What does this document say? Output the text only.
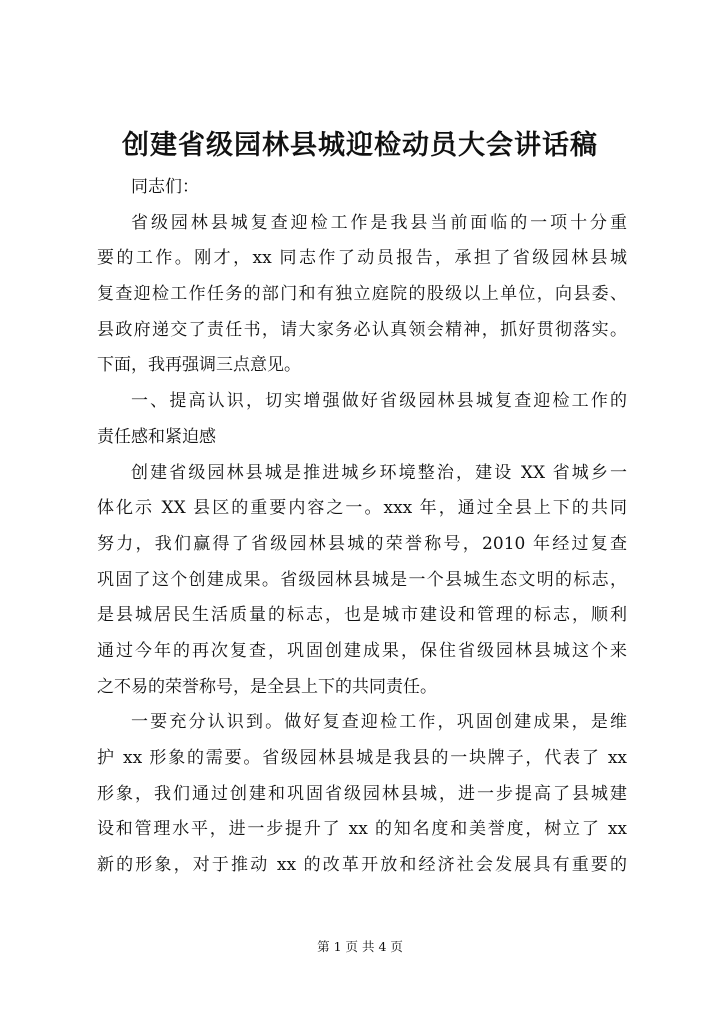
创建省级园林县城迎检动员大会讲话稿
同志们：
省级园林县城复查迎检工作是我县当前面临的一项十分重
要的工作。刚才，xx 同志作了动员报告，承担了省级园林县城
复查迎检工作任务的部门和有独立庭院的股级以上单位，向县委、
县政府递交了责任书，请大家务必认真领会精神，抓好贯彻落实。
下面，我再强调三点意见。
一、提高认识，切实增强做好省级园林县城复查迎检工作的
责任感和紧迫感
创建省级园林县城是推进城乡环境整治，建设 XX 省城乡一
体化示 XX 县区的重要内容之一。xxx 年，通过全县上下的共同
努力，我们赢得了省级园林县城的荣誉称号，2010 年经过复查
巩固了这个创建成果。省级园林县城是一个县城生态文明的标志，
是县城居民生活质量的标志，也是城市建设和管理的标志，顺利
通过今年的再次复查，巩固创建成果，保住省级园林县城这个来
之不易的荣誉称号，是全县上下的共同责任。
一要充分认识到。做好复查迎检工作，巩固创建成果，是维
护 xx 形象的需要。省级园林县城是我县的一块牌子，代表了 xx
形象，我们通过创建和巩固省级园林县城，进一步提高了县城建
设和管理水平，进一步提升了 xx 的知名度和美誉度，树立了 xx
新的形象，对于推动 xx 的改革开放和经济社会发展具有重要的
第 1 页 共 4 页
